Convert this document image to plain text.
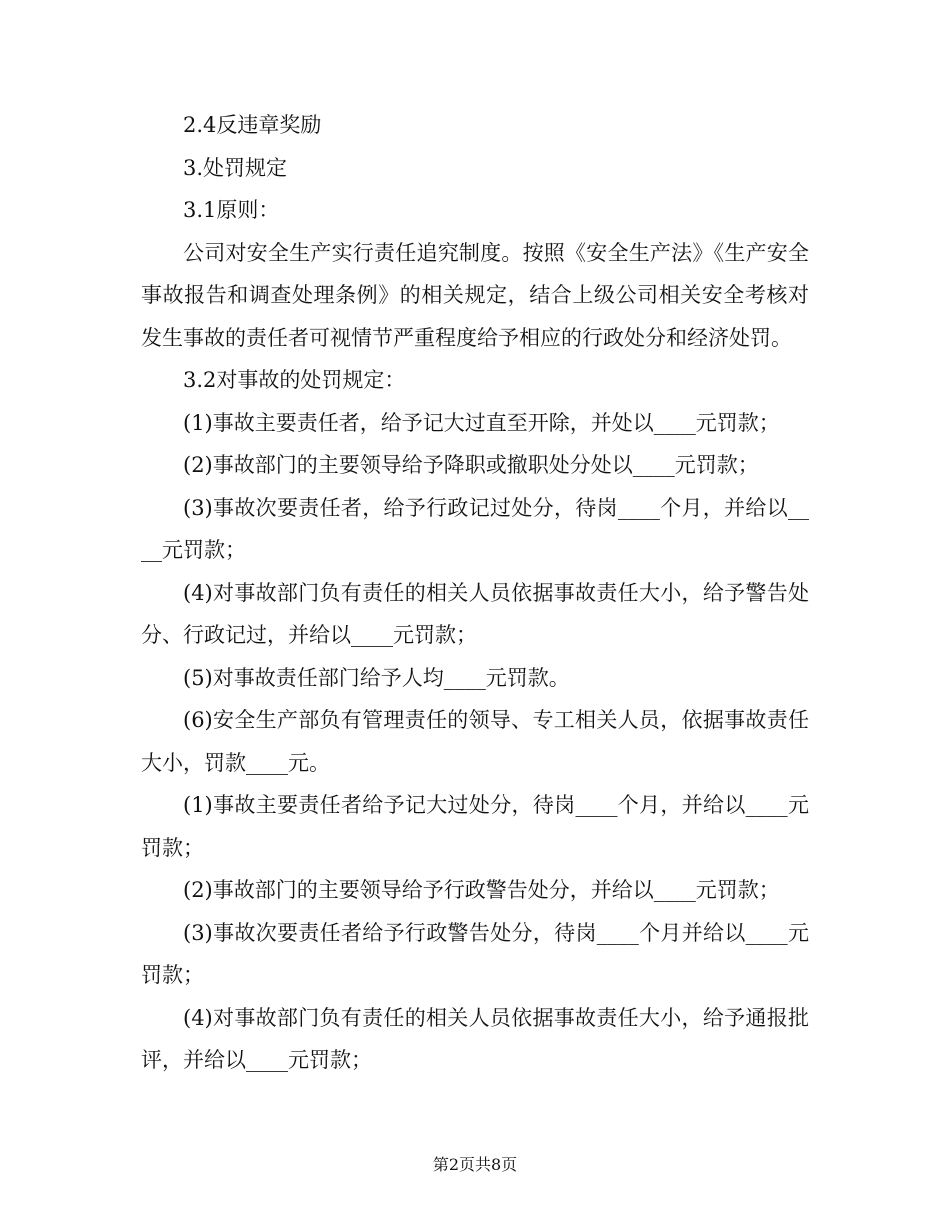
2.4反违章奖励

3.处罚规定

3.1原则：

公司对安全生产实行责任追究制度。按照《安全生产法》《生产安全事故报告和调查处理条例》的相关规定，结合上级公司相关安全考核对发生事故的责任者可视情节严重程度给予相应的行政处分和经济处罚。

3.2对事故的处罚规定：

(1)事故主要责任者，给予记大过直至开除，并处以____元罚款；

(2)事故部门的主要领导给予降职或撤职处分处以____元罚款；

(3)事故次要责任者，给予行政记过处分，待岗____个月，并给以____元罚款；

(4)对事故部门负有责任的相关人员依据事故责任大小，给予警告处分、行政记过，并给以____元罚款；

(5)对事故责任部门给予人均____元罚款。

(6)安全生产部负有管理责任的领导、专工相关人员，依据事故责任大小，罚款____元。

(1)事故主要责任者给予记大过处分，待岗____个月，并给以____元罚款；

(2)事故部门的主要领导给予行政警告处分，并给以____元罚款；

(3)事故次要责任者给予行政警告处分，待岗____个月并给以____元罚款；

(4)对事故部门负有责任的相关人员依据事故责任大小，给予通报批评，并给以____元罚款；

第2页共8页
